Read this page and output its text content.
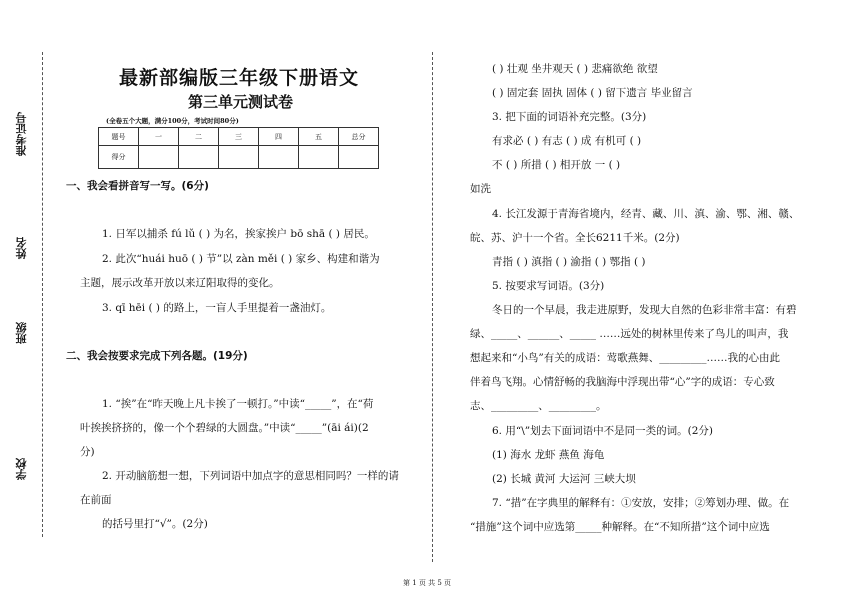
准考证号
姓名
班级
学校
最新部编版三年级下册语文
第三单元测试卷
(全卷五个大题，满分100分，考试时间80分)
题号	一	二	三	四	五	总分
得分						
一、我会看拼音写一写。(6分)
1. 日军以捕杀 fú lǔ ( ) 为名，挨家挨户 bō shā ( ) 居民。
2. 此次“huái huō ( ) 节”以 zàn měi ( ) 家乡、构建和谐为
主题，展示改革开放以来辽阳取得的变化。
3. qī hēi ( ) 的路上，一盲人手里提着一盏油灯。
二、我会按要求完成下列各题。(19分)
1. “挨”在“昨天晚上凡卡挨了一顿打。”中读“_____”，在“荷
叶挨挨挤挤的，像一个个碧绿的大圆盘。”中读“_____”(āi ái)(2
分)
2. 开动脑筋想一想，下列词语中加点字的意思相同吗？一样的请
在前面
的括号里打“√”。(2分)
( ) 壮观 坐井观天 ( ) 悲痛欲绝 欲望
( ) 固定套 固执 固体 ( ) 留下遗言 毕业留言
3. 把下面的词语补充完整。(3分)
有求必 ( ) 有志 ( ) 成 有机可 ( )
不 ( ) 所措 ( ) 相开放 一 ( )
如洗
4. 长江发源于青海省境内，经青、藏、川、滇、渝、鄂、湘、赣、
皖、苏、沪十一个省。全长6211千米。(2分)
青指 ( ) 滇指 ( ) 渝指 ( ) 鄂指 ( )
5. 按要求写词语。(3分)
冬日的一个早晨，我走进原野，发现大自然的色彩非常丰富：有碧
绿、_____、______、_____ ……远处的树林里传来了鸟儿的叫声，我
想起来和“小鸟”有关的成语：莺歌燕舞、_________……我的心由此
伴着鸟飞翔。心情舒畅的我脑海中浮现出带“心”字的成语：专心致
志、_________、_________。
6. 用“\”划去下面词语中不是同一类的词。(2分)
(1) 海水 龙虾 燕鱼 海龟
(2) 长城 黄河 大运河 三峡大坝
7. “措”在字典里的解释有：①安放，安排；②筹划办理、做。在
“措施”这个词中应选第_____种解释。在“不知所措”这个词中应选
第 1 页 共 5 页
